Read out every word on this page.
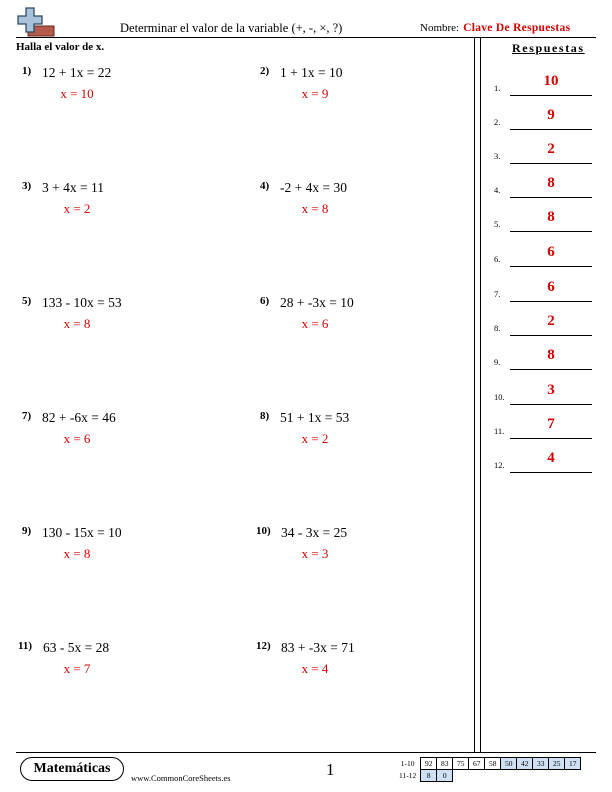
Determinar el valor de la variable (+, -, ×, ?)	Nombre: Clave De Respuestas
Halla el valor de x.	Respuestas
1) 12 + 1x = 22
x = 10
2) 1 + 1x = 10
x = 9
3) 3 + 4x = 11
x = 2
4) -2 + 4x = 30
x = 8
5) 133 - 10x = 53
x = 8
6) 28 + -3x = 10
x = 6
7) 82 + -6x = 46
x = 6
8) 51 + 1x = 53
x = 2
9) 130 - 15x = 10
x = 8
10) 34 - 3x = 25
x = 3
11) 63 - 5x = 28
x = 7
12) 83 + -3x = 71
x = 4
1.	10
2.	9
3.	2
4.	8
5.	8
6.	6
7.	6
8.	2
9.	8
10.	3
11.	7
12.	4
Matemáticas
www.CommonCoreSheets.es	1	1-10	92	83	75	67	58	50	42	33	25	17
11-12	8	0								
